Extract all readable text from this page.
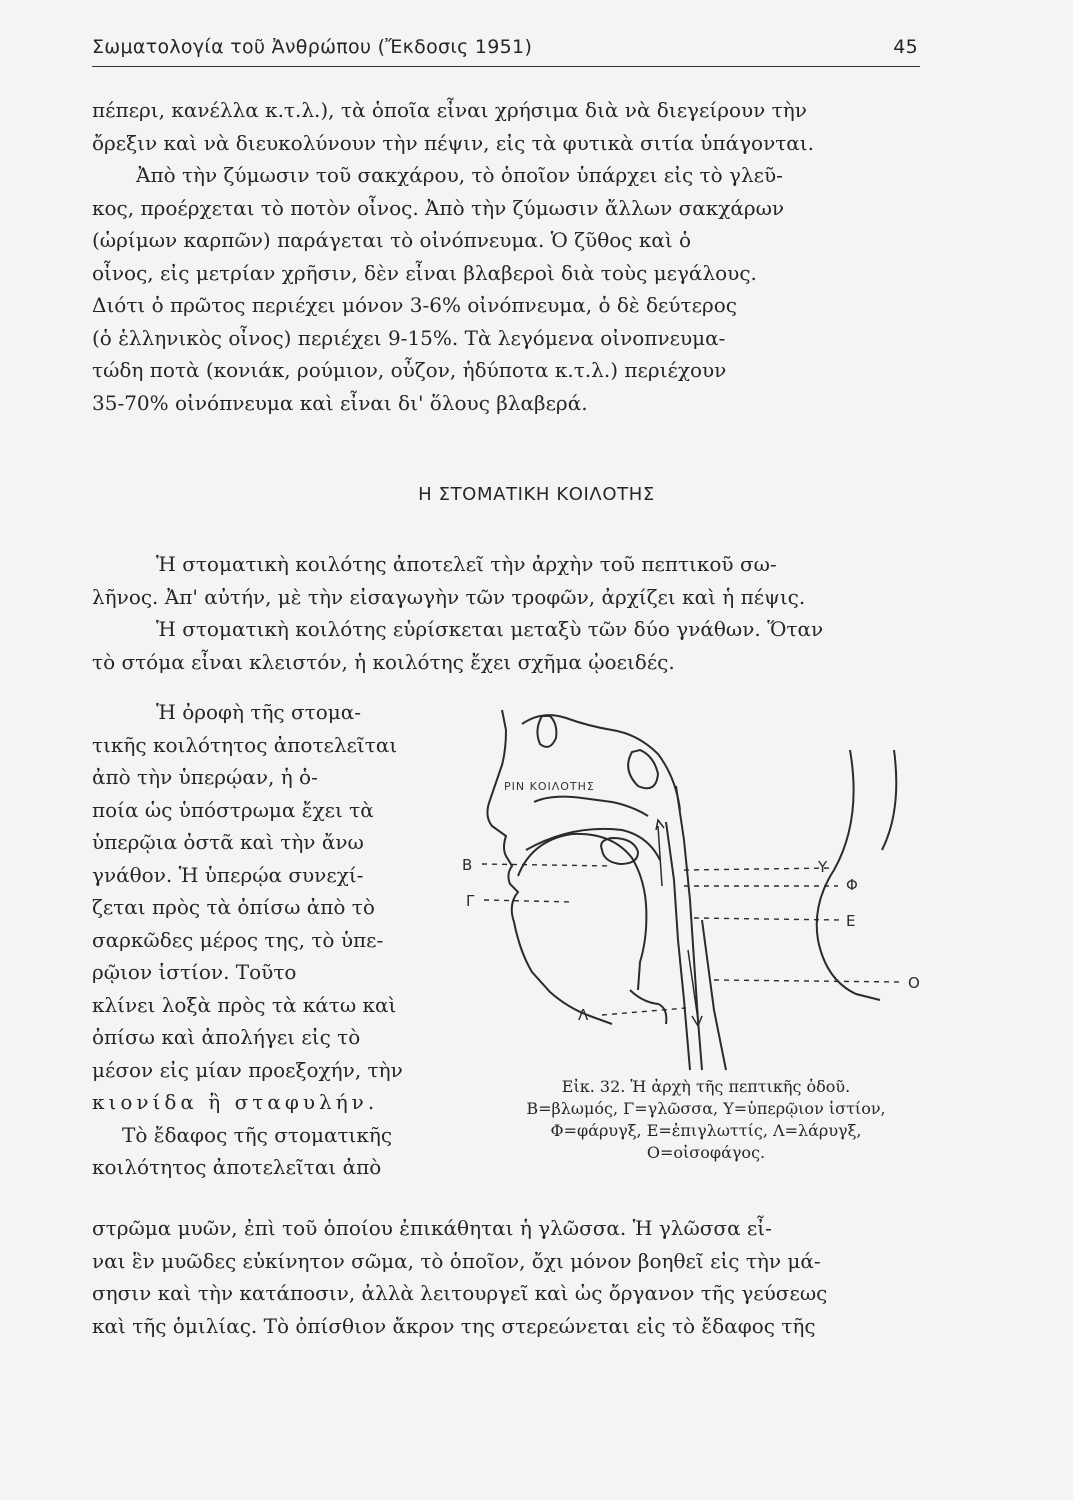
Σωματολογία τοῦ Ἀνθρώπου (Ἔκδοσις 1951)	45

πέπερι, κανέλλα κ.τ.λ.), τὰ ὁποῖα εἶναι χρήσιμα διὰ νὰ διεγείρουν τὴν
ὄρεξιν καὶ νὰ διευκολύνουν τὴν πέψιν, εἰς τὰ φυτικὰ σιτία ὑπάγονται.
Ἀπὸ τὴν ζύμωσιν τοῦ σακχάρου, τὸ ὁποῖον ὑπάρχει εἰς τὸ γλεῦ-
κος, προέρχεται τὸ ποτὸν οἶνος. Ἀπὸ τὴν ζύμωσιν ἄλλων σακχάρων
(ὡρίμων καρπῶν) παράγεται τὸ οἰνόπνευμα. Ὁ ζῦθος καὶ ὁ
οἶνος, εἰς μετρίαν χρῆσιν, δὲν εἶναι βλαβεροὶ διὰ τοὺς μεγάλους.
Διότι ὁ πρῶτος περιέχει μόνον 3-6% οἰνόπνευμα, ὁ δὲ δεύτερος
(ὁ ἑλληνικὸς οἶνος) περιέχει 9-15%. Τὰ λεγόμενα οἰνοπνευμα-
τώδη ποτὰ (κονιάκ, ρούμιον, οὖζον, ἡδύποτα κ.τ.λ.) περιέχουν
35-70% οἰνόπνευμα καὶ εἶναι δι' ὅλους βλαβερά.

Η ΣΤΟΜΑΤΙΚΗ ΚΟΙΛΟΤΗΣ

Ἡ στοματικὴ κοιλότης ἀποτελεῖ τὴν ἀρχὴν τοῦ πεπτικοῦ σω-
λῆνος. Ἀπ' αὐτήν, μὲ τὴν εἰσαγωγὴν τῶν τροφῶν, ἀρχίζει καὶ ἡ πέψις.
Ἡ στοματικὴ κοιλότης εὑρίσκεται μεταξὺ τῶν δύο γνάθων. Ὅταν
τὸ στόμα εἶναι κλειστόν, ἡ κοιλότης ἔχει σχῆμα ᾠοειδές.

Ἡ ὀροφὴ τῆς στομα-
τικῆς κοιλότητος ἀποτελεῖται
ἀπὸ τὴν ὑπερῴαν, ἡ ὁ-
ποία ὡς ὑπόστρωμα ἔχει τὰ
ὑπερῷια ὀστᾶ καὶ τὴν ἄνω
γνάθον. Ἡ ὑπερῴα συνεχί-
ζεται πρὸς τὰ ὀπίσω ἀπὸ τὸ
σαρκῶδες μέρος της, τὸ ὑπε-
ρῷιον ἱστίον. Τοῦτο
κλίνει λοξὰ πρὸς τὰ κάτω καὶ
ὀπίσω καὶ ἀπολήγει εἰς τὸ
μέσον εἰς μίαν προεξοχήν, τὴν
κιονίδα ἢ σταφυλήν.
Τὸ ἔδαφος τῆς στοματικῆς
κοιλότητος ἀποτελεῖται ἀπὸ

ΡΙΝ ΚΟΙΛΟΤΗΣ
Β
Γ
Λ
Υ
Φ
Ε
Ο
Εἰκ. 32. Ἡ ἀρχὴ τῆς πεπτικῆς ὁδοῦ.
Β=βλωμός, Γ=γλῶσσα, Υ=ὑπερῷιον ἱστίον,
Φ=φάρυγξ, Ε=ἐπιγλωττίς, Λ=λάρυγξ,
Ο=οἰσοφάγος.

στρῶμα μυῶν, ἐπὶ τοῦ ὁποίου ἐπικάθηται ἡ γλῶσσα. Ἡ γλῶσσα εἶ-
ναι ἓν μυῶδες εὐκίνητον σῶμα, τὸ ὁποῖον, ὄχι μόνον βοηθεῖ εἰς τὴν μά-
σησιν καὶ τὴν κατάποσιν, ἀλλὰ λειτουργεῖ καὶ ὡς ὄργανον τῆς γεύσεως
καὶ τῆς ὁμιλίας. Τὸ ὀπίσθιον ἄκρον της στερεώνεται εἰς τὸ ἔδαφος τῆς
